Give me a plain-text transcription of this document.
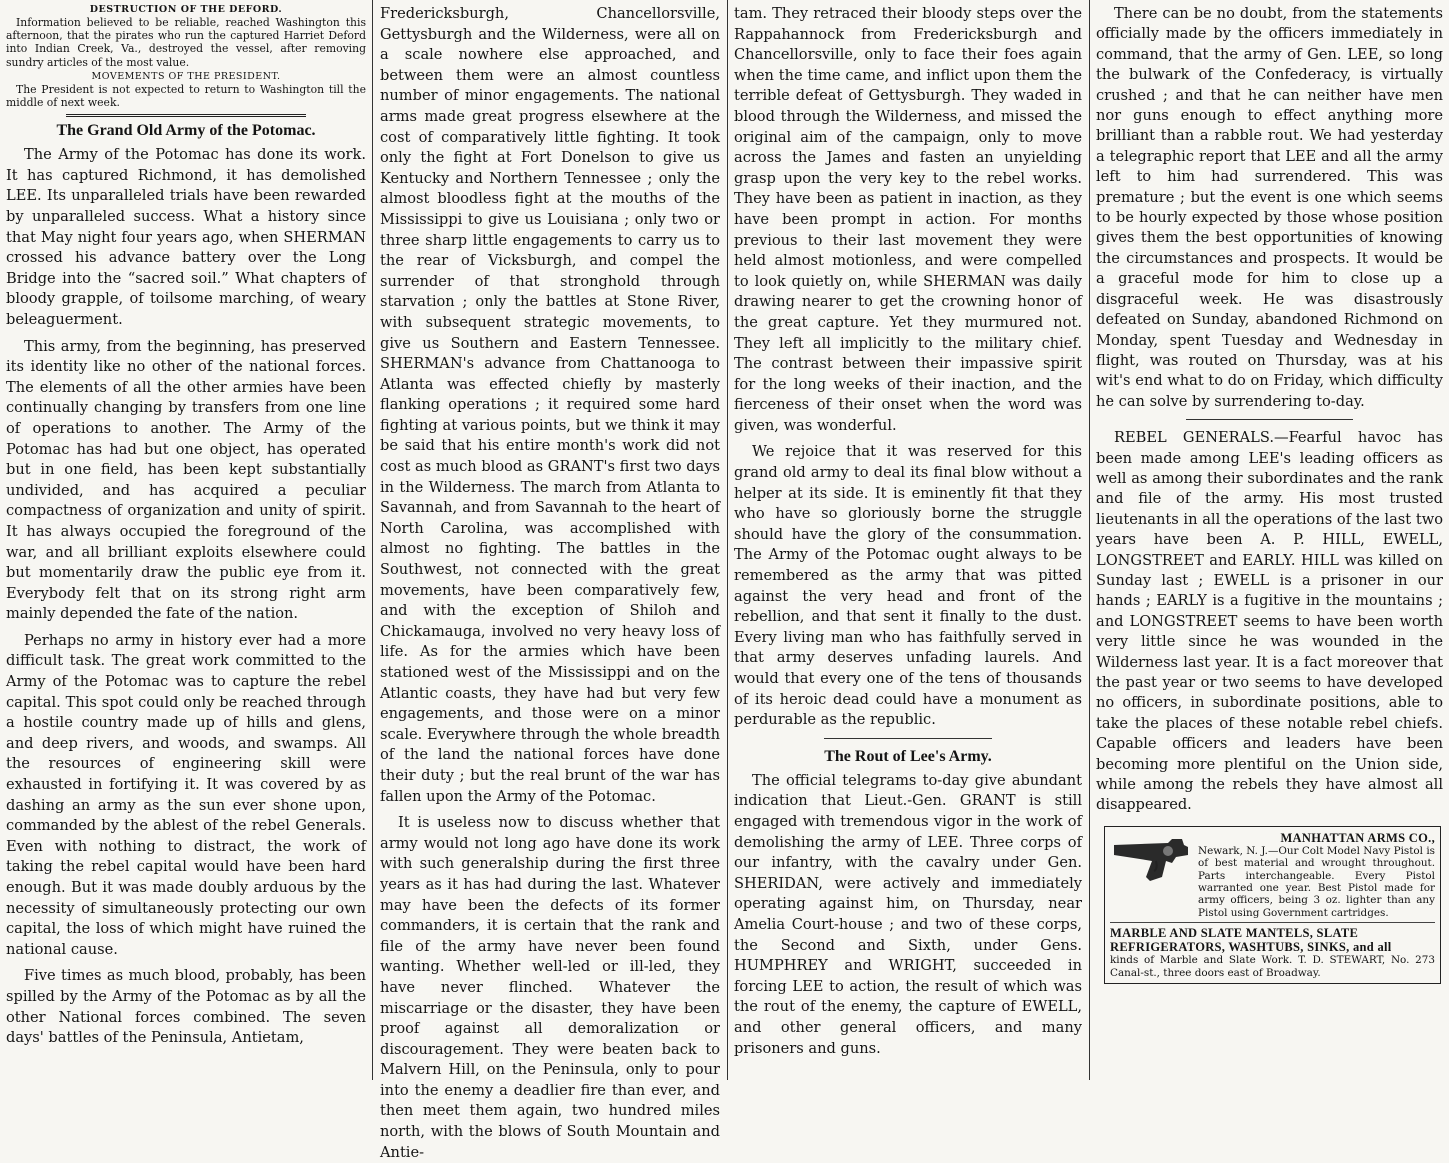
DESTRUCTION OF THE DEFORD.
Information believed to be reliable, reached Washington this afternoon, that the pirates who run the captured Harriet Deford into Indian Creek, Va., destroyed the vessel, after removing sundry articles of the most value.
MOVEMENTS OF THE PRESIDENT.
The President is not expected to return to Washington till the middle of next week.
The Grand Old Army of the Potomac.

The Army of the Potomac has done its work. It has captured Richmond, it has demolished LEE. Its unparalleled trials have been rewarded by unparalleled success. What a history since that May night four years ago, when SHERMAN crossed his advance battery over the Long Bridge into the “sacred soil.” What chapters of bloody grapple, of toilsome marching, of weary beleaguerment.

This army, from the beginning, has preserved its identity like no other of the national forces. The elements of all the other armies have been continually changing by transfers from one line of operations to another. The Army of the Potomac has had but one object, has operated but in one field, has been kept substantially undivided, and has acquired a peculiar compactness of organization and unity of spirit. It has always occupied the foreground of the war, and all brilliant exploits elsewhere could but momentarily draw the public eye from it. Everybody felt that on its strong right arm mainly depended the fate of the nation.

Perhaps no army in history ever had a more difficult task. The great work committed to the Army of the Potomac was to capture the rebel capital. This spot could only be reached through a hostile country made up of hills and glens, and deep rivers, and woods, and swamps. All the resources of engineering skill were exhausted in fortifying it. It was covered by as dashing an army as the sun ever shone upon, commanded by the ablest of the rebel Generals. Even with nothing to distract, the work of taking the rebel capital would have been hard enough. But it was made doubly arduous by the necessity of simultaneously protecting our own capital, the loss of which might have ruined the national cause.

Five times as much blood, probably, has been spilled by the Army of the Potomac as by all the other National forces combined. The seven days' battles of the Peninsula, Antietam,

Fredericksburgh, Chancellorsville, Gettysburgh and the Wilderness, were all on a scale nowhere else approached, and between them were an almost countless number of minor engagements. The national arms made great progress elsewhere at the cost of comparatively little fighting. It took only the fight at Fort Donelson to give us Kentucky and Northern Tennessee ; only the almost bloodless fight at the mouths of the Mississippi to give us Louisiana ; only two or three sharp little engagements to carry us to the rear of Vicksburgh, and compel the surrender of that stronghold through starvation ; only the battles at Stone River, with subsequent strategic movements, to give us Southern and Eastern Tennessee. SHERMAN's advance from Chattanooga to Atlanta was effected chiefly by masterly flanking operations ; it required some hard fighting at various points, but we think it may be said that his entire month's work did not cost as much blood as GRANT's first two days in the Wilderness. The march from Atlanta to Savannah, and from Savannah to the heart of North Carolina, was accomplished with almost no fighting. The battles in the Southwest, not connected with the great movements, have been comparatively few, and with the exception of Shiloh and Chickamauga, involved no very heavy loss of life. As for the armies which have been stationed west of the Mississippi and on the Atlantic coasts, they have had but very few engagements, and those were on a minor scale. Everywhere through the whole breadth of the land the national forces have done their duty ; but the real brunt of the war has fallen upon the Army of the Potomac.

It is useless now to discuss whether that army would not long ago have done its work with such generalship during the first three years as it has had during the last. Whatever may have been the defects of its former commanders, it is certain that the rank and file of the army have never been found wanting. Whether well-led or ill-led, they have never flinched. Whatever the miscarriage or the disaster, they have been proof against all demoralization or discouragement. They were beaten back to Malvern Hill, on the Peninsula, only to pour into the enemy a deadlier fire than ever, and then meet them again, two hundred miles north, with the blows of South Mountain and Antie-

tam. They retraced their bloody steps over the Rappahannock from Fredericksburgh and Chancellorsville, only to face their foes again when the time came, and inflict upon them the terrible defeat of Gettysburgh. They waded in blood through the Wilderness, and missed the original aim of the campaign, only to move across the James and fasten an unyielding grasp upon the very key to the rebel works. They have been as patient in inaction, as they have been prompt in action. For months previous to their last movement they were held almost motionless, and were compelled to look quietly on, while SHERMAN was daily drawing nearer to get the crowning honor of the great capture. Yet they murmured not. They left all implicitly to the military chief. The contrast between their impassive spirit for the long weeks of their inaction, and the fierceness of their onset when the word was given, was wonderful.

We rejoice that it was reserved for this grand old army to deal its final blow without a helper at its side. It is eminently fit that they who have so gloriously borne the struggle should have the glory of the consummation. The Army of the Potomac ought always to be remembered as the army that was pitted against the very head and front of the rebellion, and that sent it finally to the dust. Every living man who has faithfully served in that army deserves unfading laurels. And would that every one of the tens of thousands of its heroic dead could have a monument as perdurable as the republic.

The Rout of Lee's Army.

The official telegrams to-day give abundant indication that Lieut.-Gen. GRANT is still engaged with tremendous vigor in the work of demolishing the army of LEE. Three corps of our infantry, with the cavalry under Gen. SHERIDAN, were actively and immediately operating against him, on Thursday, near Amelia Court-house ; and two of these corps, the Second and Sixth, under Gens. HUMPHREY and WRIGHT, succeeded in forcing LEE to action, the result of which was the rout of the enemy, the capture of EWELL, and other general officers, and many prisoners and guns.

There can be no doubt, from the statements officially made by the officers immediately in command, that the army of Gen. LEE, so long the bulwark of the Confederacy, is virtually crushed ; and that he can neither have men nor guns enough to effect anything more brilliant than a rabble rout. We had yesterday a telegraphic report that LEE and all the army left to him had surrendered. This was premature ; but the event is one which seems to be hourly expected by those whose position gives them the best opportunities of knowing the circumstances and prospects. It would be a graceful mode for him to close up a disgraceful week. He was disastrously defeated on Sunday, abandoned Richmond on Monday, spent Tuesday and Wednesday in flight, was routed on Thursday, was at his wit's end what to do on Friday, which difficulty he can solve by surrendering to-day.

REBEL GENERALS.—Fearful havoc has been made among LEE's leading officers as well as among their subordinates and the rank and file of the army. His most trusted lieutenants in all the operations of the last two years have been A. P. HILL, EWELL, LONGSTREET and EARLY. HILL was killed on Sunday last ; EWELL is a prisoner in our hands ; EARLY is a fugitive in the mountains ; and LONGSTREET seems to have been worth very little since he was wounded in the Wilderness last year. It is a fact moreover that the past year or two seems to have developed no officers, in subordinate positions, able to take the places of these notable rebel chiefs. Capable officers and leaders have been becoming more plentiful on the Union side, while among the rebels they have almost all disappeared.

MANHATTAN ARMS CO.,
Newark, N. J.—Our Colt Model Navy Pistol is of best material and wrought throughout. Parts interchangeable. Every Pistol warranted one year. Best Pistol made for army officers, being 3 oz. lighter than any Pistol using Government cartridges.
MARBLE AND SLATE MANTELS, SLATE REFRIGERATORS, WASHTUBS, SINKS, and all
kinds of Marble and Slate Work. T. D. STEWART, No. 273 Canal-st., three doors east of Broadway.
